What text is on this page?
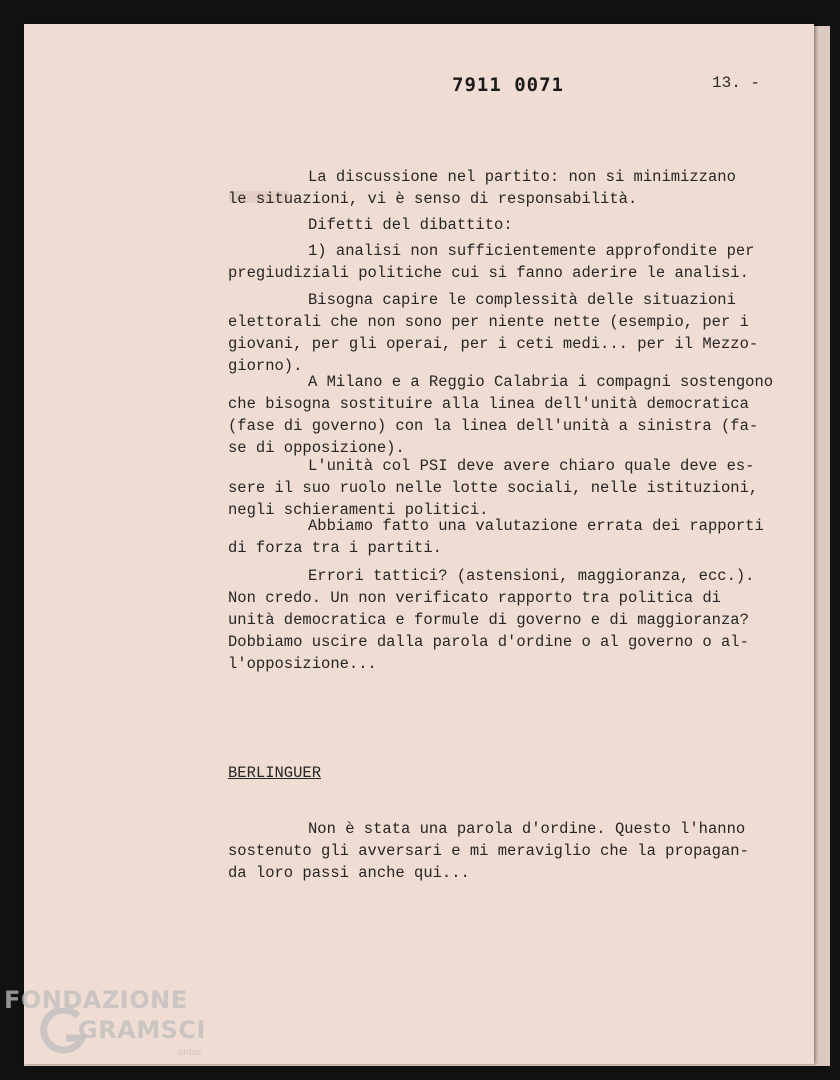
7911 0071	13. -

La discussione nel partito: non si minimizzano
le situazioni, vi è senso di responsabilità.

Difetti del dibattito:

1) analisi non sufficientemente approfondite per
pregiudiziali politiche cui si fanno aderire le analisi.

Bisogna capire le complessità delle situazioni
elettorali che non sono per niente nette (esempio, per i
giovani, per gli operai, per i ceti medi... per il Mezzo-
giorno).

A Milano e a Reggio Calabria i compagni sostengono
che bisogna sostituire alla linea dell'unità democratica
(fase di governo) con la linea dell'unità a sinistra (fa-
se di opposizione).

L'unità col PSI deve avere chiaro quale deve es-
sere il suo ruolo nelle lotte sociali, nelle istituzioni,
negli schieramenti politici.

Abbiamo fatto una valutazione errata dei rapporti
di forza tra i partiti.

Errori tattici? (astensioni, maggioranza, ecc.).
Non credo. Un non verificato rapporto tra politica di
unità democratica e formule di governo e di maggioranza?
Dobbiamo uscire dalla parola d'ordine o al governo o al-
l'opposizione...

BERLINGUER

Non è stata una parola d'ordine. Questo l'hanno
sostenuto gli avversari e mi meraviglio che la propagan-
da loro passi anche qui...

FONDAZIONE
GRAMSCI
onlus
